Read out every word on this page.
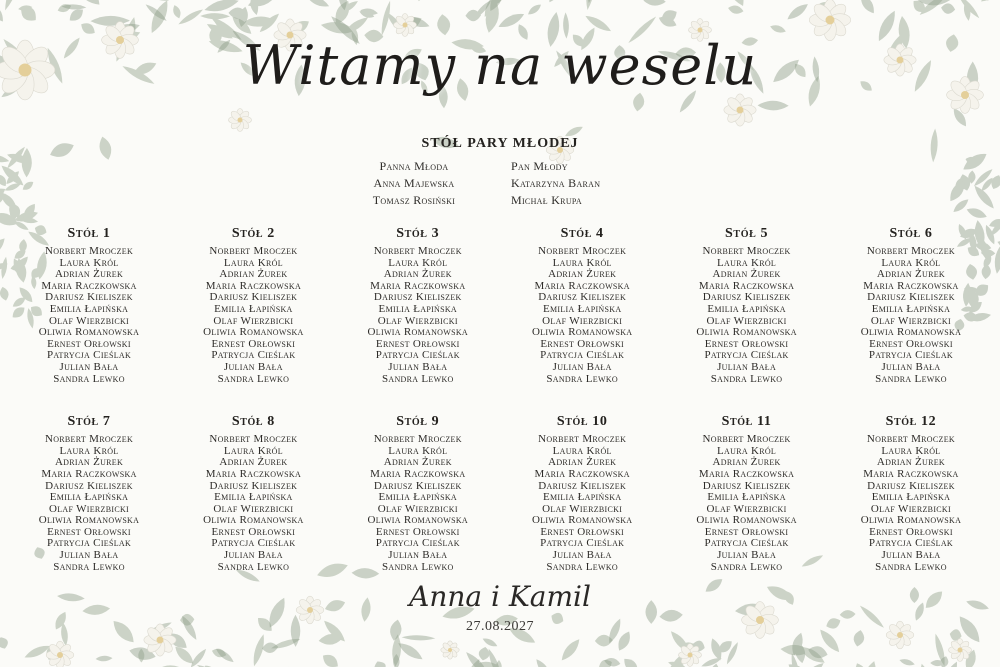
Witamy na weselu
STÓŁ PARY MŁODEJ
Panna Młoda
Anna Majewska
Tomasz Rosiński
Pan Młody
Katarzyna Baran
Michał Krupa
Stół 1
Norbert Mroczek
Laura Król
Adrian Żurek
Maria Raczkowska
Dariusz Kieliszek
Emilia Łapińska
Olaf Wierzbicki
Oliwia Romanowska
Ernest Orłowski
Patrycja Cieślak
Julian Bała
Sandra Lewko
Stół 2
Norbert Mroczek
Laura Król
Adrian Żurek
Maria Raczkowska
Dariusz Kieliszek
Emilia Łapińska
Olaf Wierzbicki
Oliwia Romanowska
Ernest Orłowski
Patrycja Cieślak
Julian Bała
Sandra Lewko
Stół 3
Norbert Mroczek
Laura Król
Adrian Żurek
Maria Raczkowska
Dariusz Kieliszek
Emilia Łapińska
Olaf Wierzbicki
Oliwia Romanowska
Ernest Orłowski
Patrycja Cieślak
Julian Bała
Sandra Lewko
Stół 4
Norbert Mroczek
Laura Król
Adrian Żurek
Maria Raczkowska
Dariusz Kieliszek
Emilia Łapińska
Olaf Wierzbicki
Oliwia Romanowska
Ernest Orłowski
Patrycja Cieślak
Julian Bała
Sandra Lewko
Stół 5
Norbert Mroczek
Laura Król
Adrian Żurek
Maria Raczkowska
Dariusz Kieliszek
Emilia Łapińska
Olaf Wierzbicki
Oliwia Romanowska
Ernest Orłowski
Patrycja Cieślak
Julian Bała
Sandra Lewko
Stół 6
Norbert Mroczek
Laura Król
Adrian Żurek
Maria Raczkowska
Dariusz Kieliszek
Emilia Łapińska
Olaf Wierzbicki
Oliwia Romanowska
Ernest Orłowski
Patrycja Cieślak
Julian Bała
Sandra Lewko
Stół 7
Norbert Mroczek
Laura Król
Adrian Żurek
Maria Raczkowska
Dariusz Kieliszek
Emilia Łapińska
Olaf Wierzbicki
Oliwia Romanowska
Ernest Orłowski
Patrycja Cieślak
Julian Bała
Sandra Lewko
Stół 8
Norbert Mroczek
Laura Król
Adrian Żurek
Maria Raczkowska
Dariusz Kieliszek
Emilia Łapińska
Olaf Wierzbicki
Oliwia Romanowska
Ernest Orłowski
Patrycja Cieślak
Julian Bała
Sandra Lewko
Stół 9
Norbert Mroczek
Laura Król
Adrian Żurek
Maria Raczkowska
Dariusz Kieliszek
Emilia Łapińska
Olaf Wierzbicki
Oliwia Romanowska
Ernest Orłowski
Patrycja Cieślak
Julian Bała
Sandra Lewko
Stół 10
Norbert Mroczek
Laura Król
Adrian Żurek
Maria Raczkowska
Dariusz Kieliszek
Emilia Łapińska
Olaf Wierzbicki
Oliwia Romanowska
Ernest Orłowski
Patrycja Cieślak
Julian Bała
Sandra Lewko
Stół 11
Norbert Mroczek
Laura Król
Adrian Żurek
Maria Raczkowska
Dariusz Kieliszek
Emilia Łapińska
Olaf Wierzbicki
Oliwia Romanowska
Ernest Orłowski
Patrycja Cieślak
Julian Bała
Sandra Lewko
Stół 12
Norbert Mroczek
Laura Król
Adrian Żurek
Maria Raczkowska
Dariusz Kieliszek
Emilia Łapińska
Olaf Wierzbicki
Oliwia Romanowska
Ernest Orłowski
Patrycja Cieślak
Julian Bała
Sandra Lewko
Anna i Kamil
27.08.2027
